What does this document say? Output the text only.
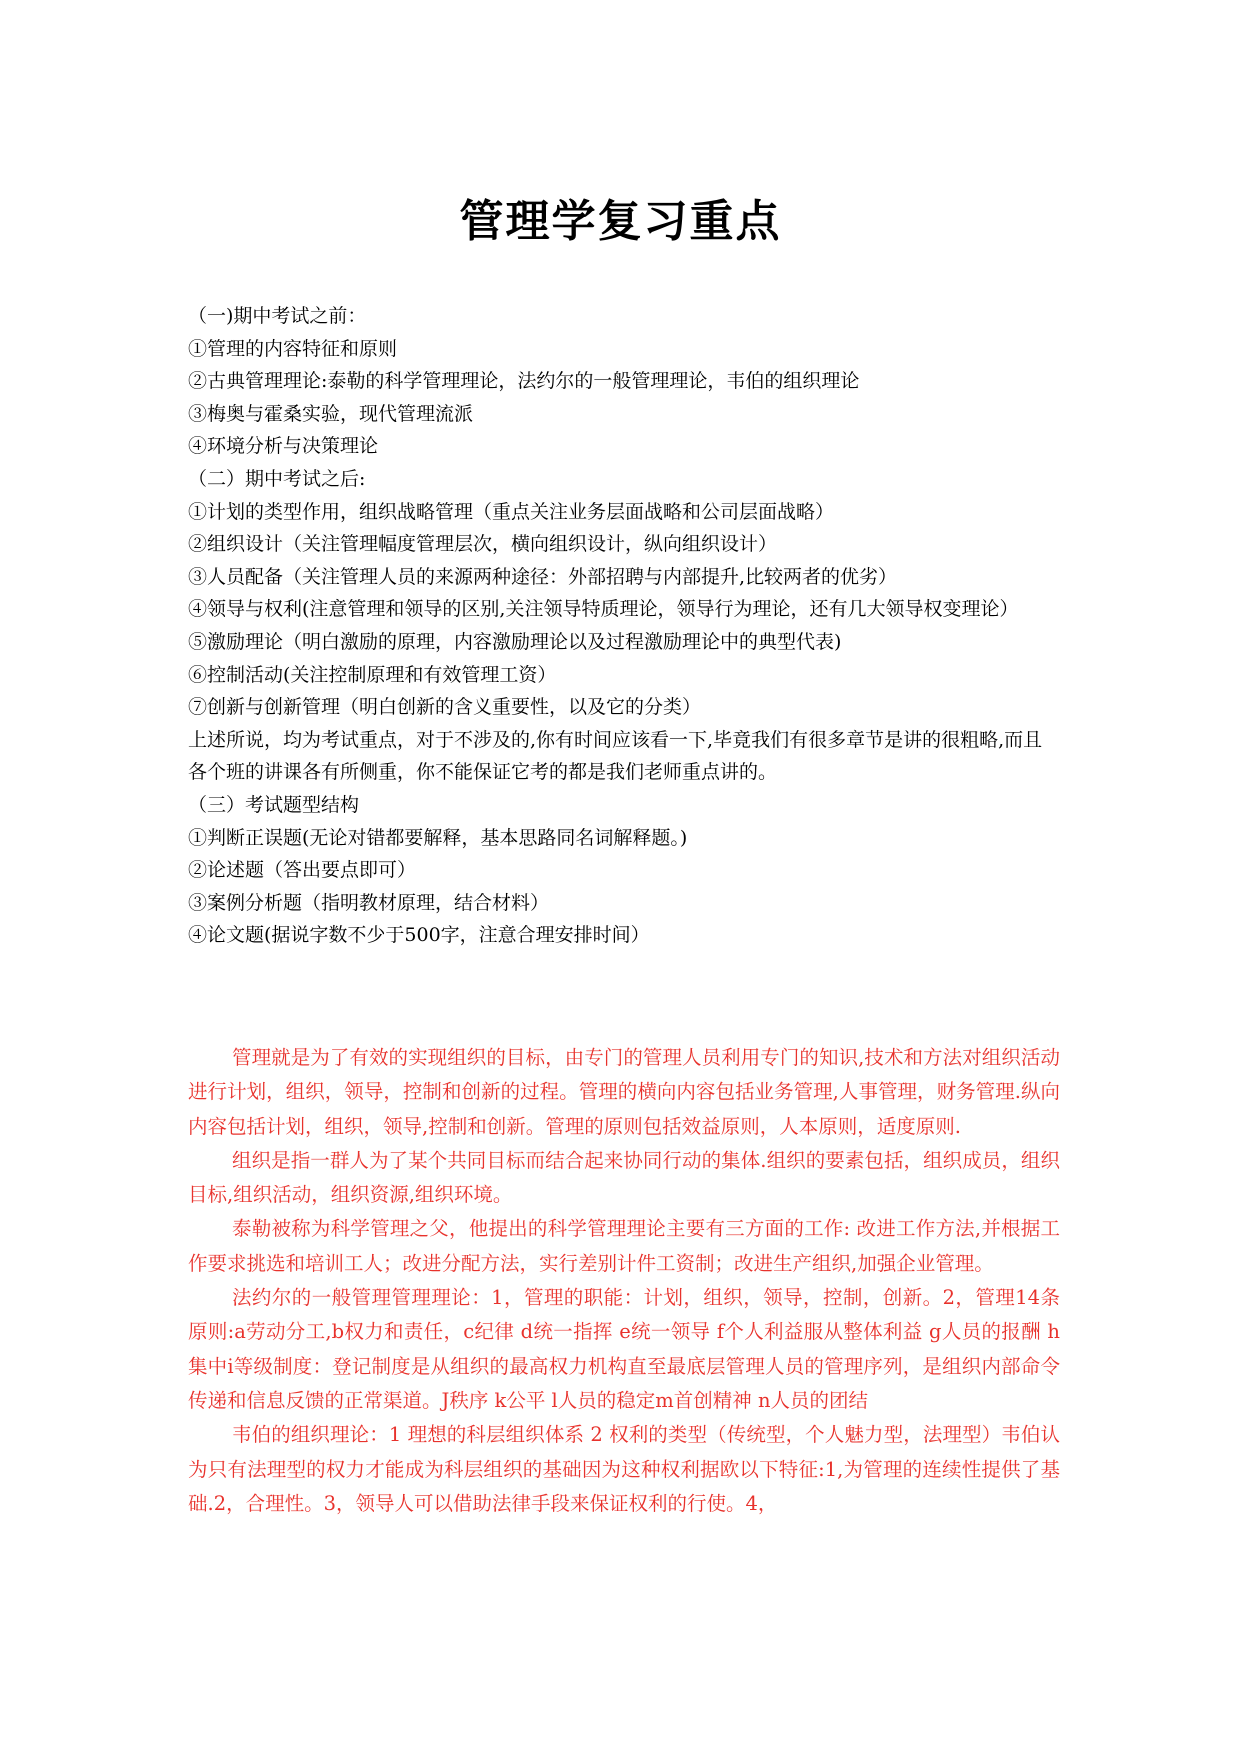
管理学复习重点
（一)期中考试之前：
①管理的内容特征和原则
②古典管理理论:泰勒的科学管理理论，法约尔的一般管理理论，韦伯的组织理论
③梅奥与霍桑实验，现代管理流派
④环境分析与决策理论
（二）期中考试之后:
①计划的类型作用，组织战略管理（重点关注业务层面战略和公司层面战略）
②组织设计（关注管理幅度管理层次，横向组织设计，纵向组织设计）
③人员配备（关注管理人员的来源两种途径：外部招聘与内部提升,比较两者的优劣）
④领导与权利(注意管理和领导的区别,关注领导特质理论，领导行为理论，还有几大领导权变理论）
⑤激励理论（明白激励的原理，内容激励理论以及过程激励理论中的典型代表)
⑥控制活动(关注控制原理和有效管理工资）
⑦创新与创新管理（明白创新的含义重要性，以及它的分类）
上述所说，均为考试重点，对于不涉及的,你有时间应该看一下,毕竟我们有很多章节是讲的很粗略,而且各个班的讲课各有所侧重，你不能保证它考的都是我们老师重点讲的。
（三）考试题型结构
①判断正误题(无论对错都要解释，基本思路同名词解释题。)
②论述题（答出要点即可）
③案例分析题（指明教材原理，结合材料）
④论文题(据说字数不少于500字，注意合理安排时间）

管理就是为了有效的实现组织的目标，由专门的管理人员利用专门的知识,技术和方法对组织活动进行计划，组织，领导，控制和创新的过程。管理的横向内容包括业务管理,人事管理，财务管理.纵向内容包括计划，组织，领导,控制和创新。管理的原则包括效益原则，人本原则，适度原则.

组织是指一群人为了某个共同目标而结合起来协同行动的集体.组织的要素包括，组织成员，组织目标,组织活动，组织资源,组织环境。

泰勒被称为科学管理之父，他提出的科学管理理论主要有三方面的工作: 改进工作方法,并根据工作要求挑选和培训工人；改进分配方法，实行差别计件工资制；改进生产组织,加强企业管理。

法约尔的一般管理管理理论：1，管理的职能：计划，组织，领导，控制，创新。2，管理14条原则:a劳动分工,b权力和责任，c纪律 d统一指挥 e统一领导 f个人利益服从整体利益 g人员的报酬 h集中i等级制度：登记制度是从组织的最高权力机构直至最底层管理人员的管理序列，是组织内部命令传递和信息反馈的正常渠道。J秩序 k公平 l人员的稳定m首创精神 n人员的团结

韦伯的组织理论：1 理想的科层组织体系 2 权利的类型（传统型，个人魅力型，法理型）韦伯认为只有法理型的权力才能成为科层组织的基础因为这种权利据欧以下特征:1,为管理的连续性提供了基础.2，合理性。3，领导人可以借助法律手段来保证权利的行使。4，
